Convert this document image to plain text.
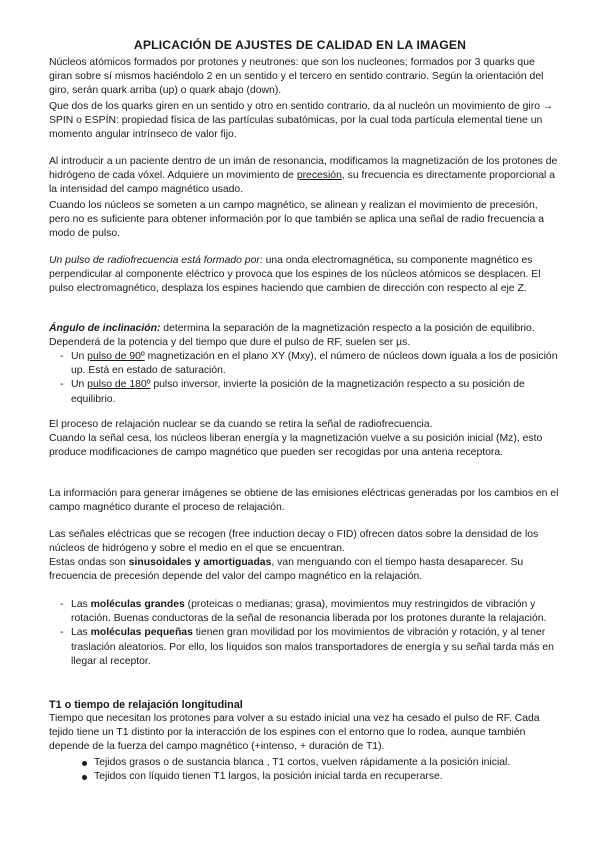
APLICACIÓN DE AJUSTES DE CALIDAD EN LA IMAGEN

Núcleos atómicos formados por protones y neutrones: que son los nucleones; formados por 3 quarks que giran sobre sí mismos haciéndolo 2 en un sentido y el tercero en sentido contrario. Según la orientación del giro, serán quark arriba (up) o quark abajo (down).

Que dos de los quarks giren en un sentido y otro en sentido contrario, da al nucleón un movimiento de giro → SPIN o ESPÍN: propiedad física de las partículas subatómicas, por la cual toda partícula elemental tiene un momento angular intrínseco de valor fijo.

Al introducir a un paciente dentro de un imán de resonancia, modificamos la magnetización de los protones de hidrógeno de cada vóxel. Adquiere un movimiento de precesión, su frecuencia es directamente proporcional a la intensidad del campo magnético usado.

Cuando los núcleos se someten a un campo magnético, se alinean y realizan el movimiento de precesión, pero no es suficiente para obtener información por lo que también se aplica una señal de radio frecuencia a modo de pulso.

Un pulso de radiofrecuencia está formado por: una onda electromagnética, su componente magnético es perpendicular al componente eléctrico y provoca que los espines de los núcleos atómicos se desplacen. El pulso electromagnético, desplaza los espines haciendo que cambien de dirección con respecto al eje Z.

Ángulo de inclinación: determina la separación de la magnetización respecto a la posición de equilibrio. Dependerá de la potencia y del tiempo que dure el pulso de RF, suelen ser µs.

- Un pulso de 90º magnetización en el plano XY (Mxy), el número de núcleos down iguala a los de posición up. Está en estado de saturación.
- Un pulso de 180º pulso inversor, invierte la posición de la magnetización respecto a su posición de equilibrio.

El proceso de relajación nuclear se da cuando se retira la señal de radiofrecuencia.

Cuando la señal cesa, los núcleos liberan energía y la magnetización vuelve a su posición inicial (Mz), esto produce modificaciones de campo magnético que pueden ser recogidas por una antena receptora.

La información para generar imágenes se obtiene de las emisiones eléctricas generadas por los cambios en el campo magnético durante el proceso de relajación.

Las señales eléctricas que se recogen (free induction decay o FID) ofrecen datos sobre la densidad de los núcleos de hidrógeno y sobre el medio en el que se encuentran.

Estas ondas son sinusoidales y amortiguadas, van menguando con el tiempo hasta desaparecer. Su frecuencia de precesión depende del valor del campo magnético en la relajación.

- Las moléculas grandes (proteicas o medianas; grasa), movimientos muy restringidos de vibración y rotación. Buenas conductoras de la señal de resonancia liberada por los protones durante la relajación.
- Las moléculas pequeñas tienen gran movilidad por los movimientos de vibración y rotación, y al tener traslación aleatorios. Por ello, los líquidos son malos transportadores de energía y su señal tarda más en llegar al receptor.
T1 o tiempo de relajación longitudinal

Tiempo que necesitan los protones para volver a su estado inicial una vez ha cesado el pulso de RF. Cada tejido tiene un T1 distinto por la interacción de los espines con el entorno que lo rodea, aunque también depende de la fuerza del campo magnético (+intenso, + duración de T1).

Tejidos grasos o de sustancia blanca , T1 cortos, vuelven rápidamente a la posición inicial.
Tejidos con líquido tienen T1 largos, la posición inicial tarda en recuperarse.
